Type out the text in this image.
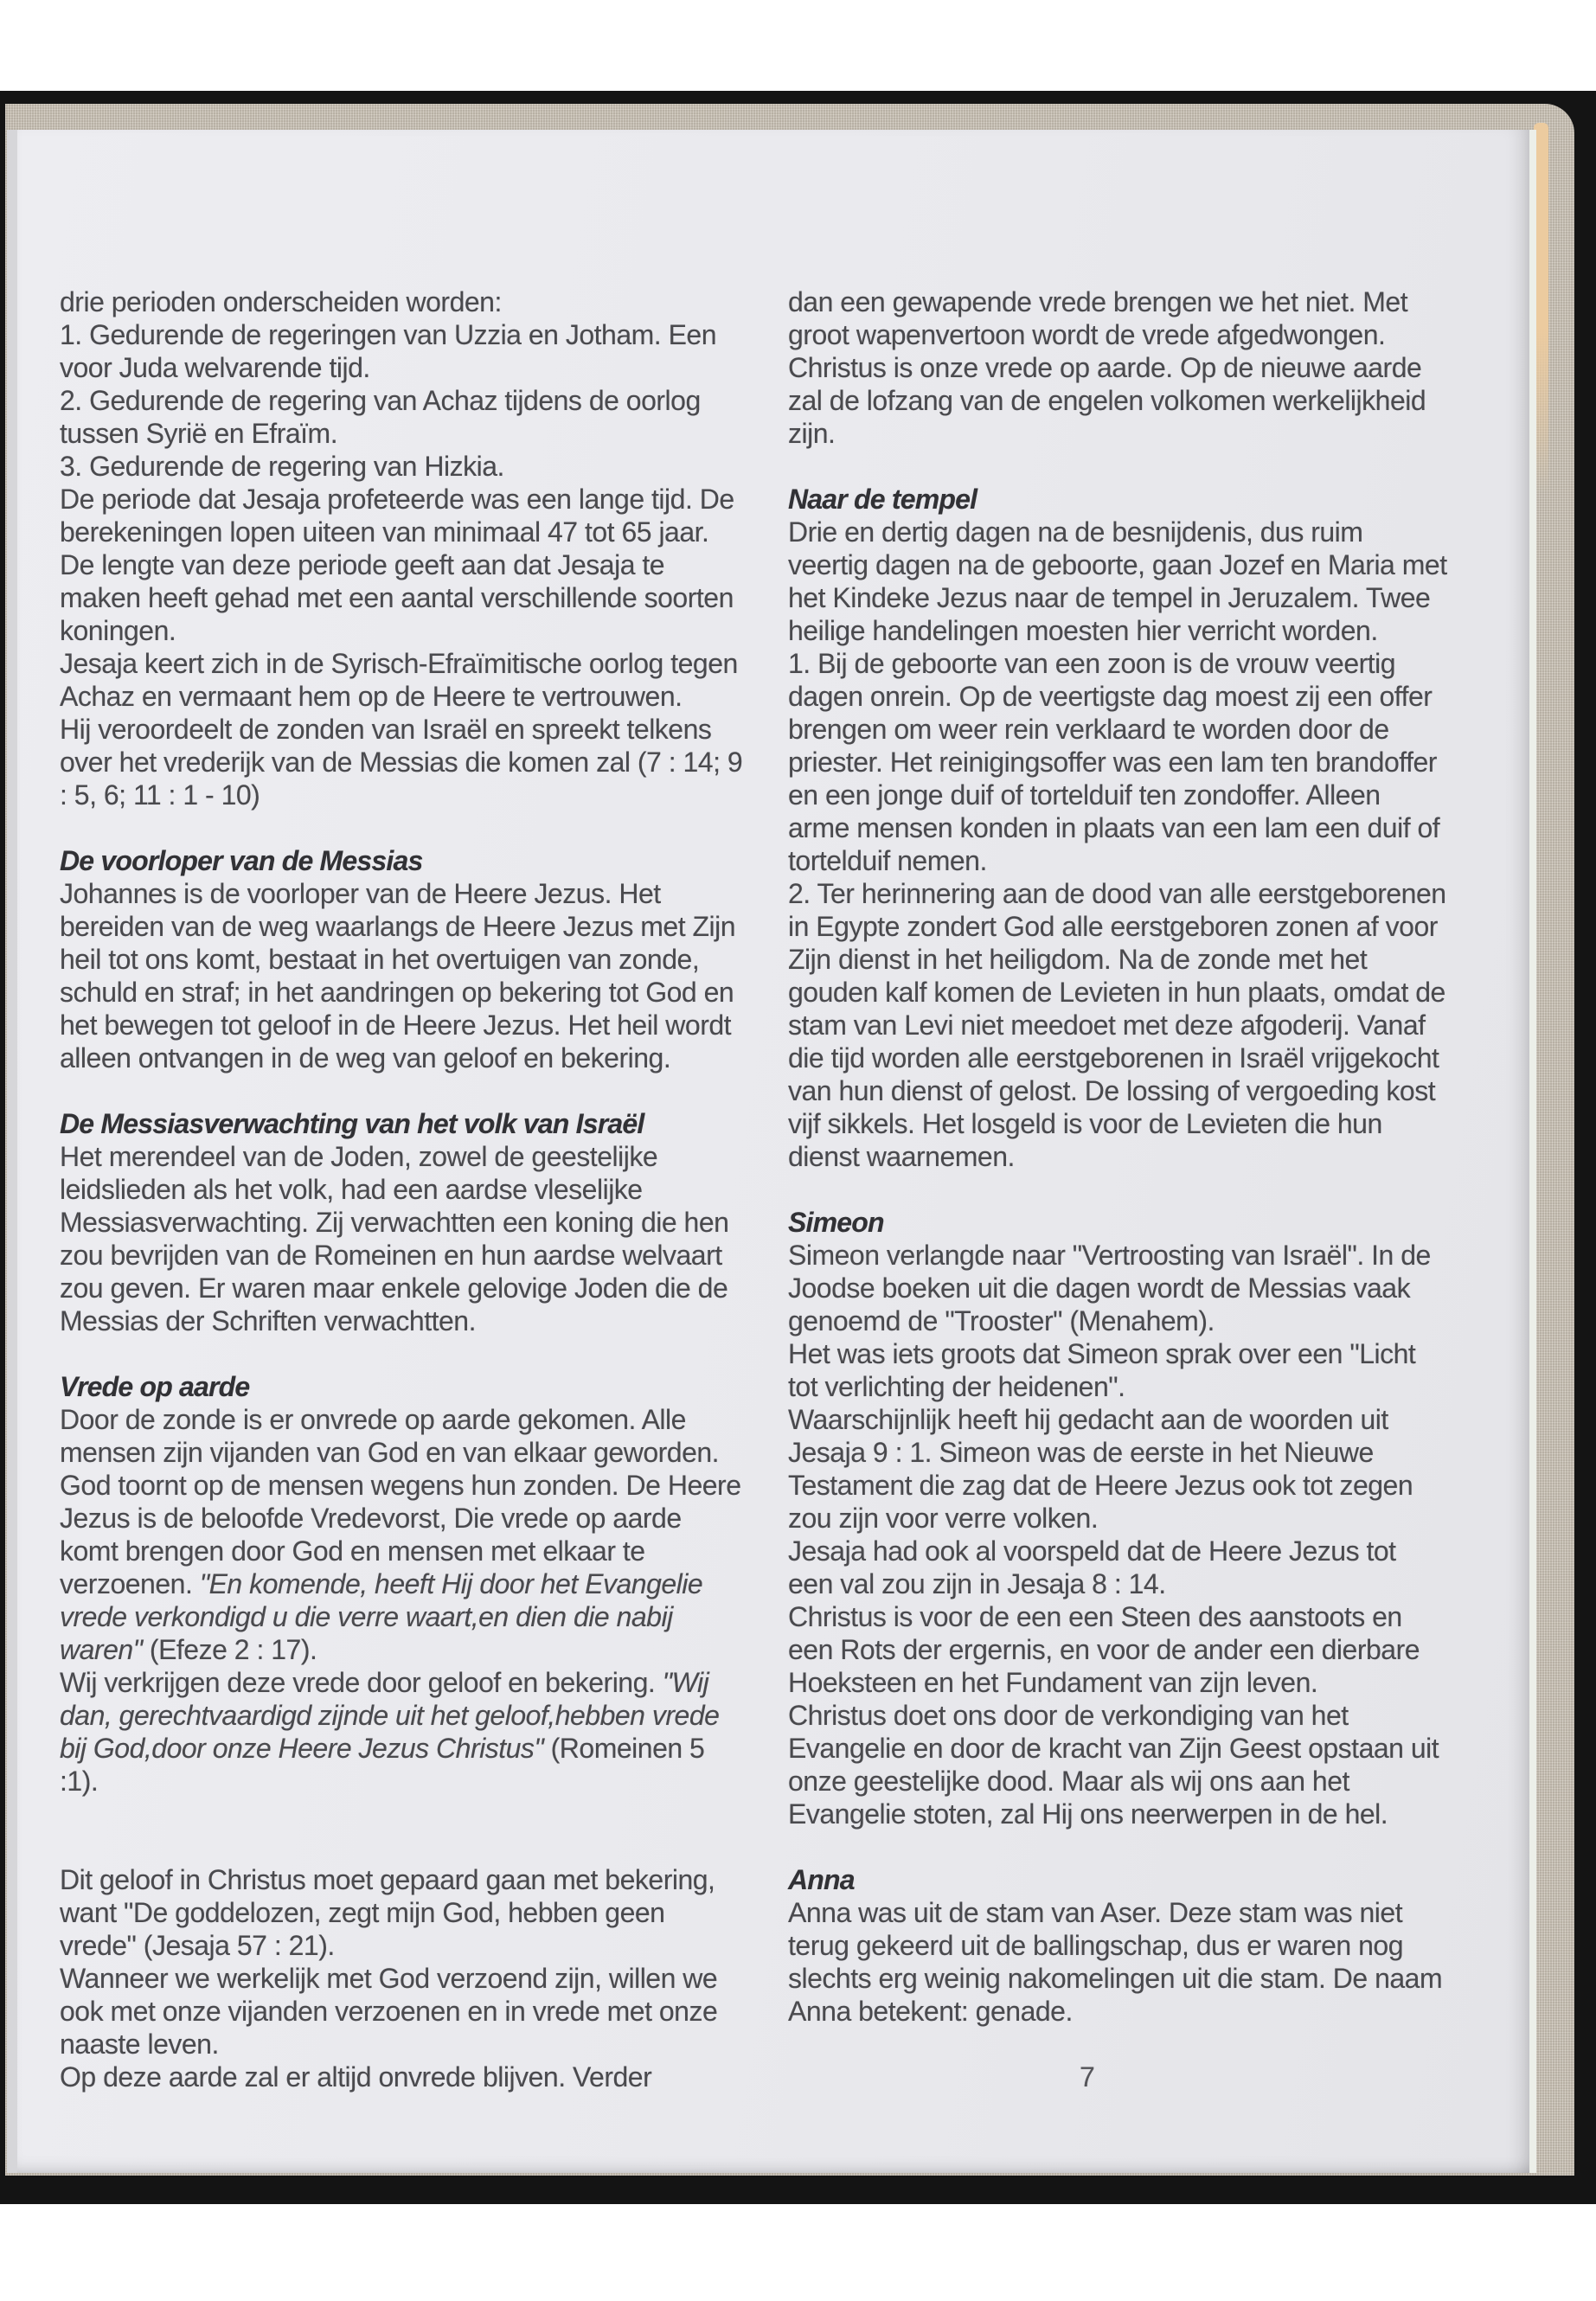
drie perioden onderscheiden worden:

1. Gedurende de regeringen van Uzzia en Jotham. Een voor Juda welvarende tijd.

2. Gedurende de regering van Achaz tijdens de oorlog tussen Syrië en Efraïm.

3. Gedurende de regering van Hizkia.

De periode dat Jesaja profeteerde was een lange tijd. De berekeningen lopen uiteen van minimaal 47 tot 65 jaar. De lengte van deze periode geeft aan dat Jesaja te maken heeft gehad met een aantal verschillende soorten koningen.

Jesaja keert zich in de Syrisch-Efraïmitische oorlog tegen Achaz en vermaant hem op de Heere te vertrouwen.

Hij veroordeelt de zonden van Israël en spreekt telkens over het vrederijk van de Messias die komen zal (7 : 14; 9 : 5, 6; 11 : 1 - 10)

De voorloper van de Messias

Johannes is de voorloper van de Heere Jezus. Het bereiden van de weg waarlangs de Heere Jezus met Zijn heil tot ons komt, bestaat in het overtuigen van zonde, schuld en straf; in het aandringen op bekering tot God en het bewegen tot geloof in de Heere Jezus. Het heil wordt alleen ontvangen in de weg van geloof en bekering.

De Messiasverwachting van het volk van Israël

Het merendeel van de Joden, zowel de geestelijke leidslieden als het volk, had een aardse vleselijke Messiasverwachting. Zij verwachtten een koning die hen zou bevrijden van de Romeinen en hun aardse welvaart zou geven. Er waren maar enkele gelovige Joden die de Messias der Schriften verwachtten.

Vrede op aarde

Door de zonde is er onvrede op aarde gekomen. Alle mensen zijn vijanden van God en van elkaar geworden. God toornt op de mensen wegens hun zonden. De Heere Jezus is de beloofde Vredevorst, Die vrede op aarde komt brengen door God en mensen met elkaar te verzoenen. "En komende, heeft Hij door het Evangelie vrede verkondigd u die verre waart,en dien die nabij waren" (Efeze 2 : 17).

Wij verkrijgen deze vrede door geloof en bekering. "Wij dan, gerechtvaardigd zijnde uit het geloof,hebben vrede bij God,door onze Heere Jezus Christus" (Romeinen 5 :1).

Dit geloof in Christus moet gepaard gaan met bekering, want "De goddelozen, zegt mijn God, hebben geen vrede" (Jesaja 57 : 21).

Wanneer we werkelijk met God verzoend zijn, willen we ook met onze vijanden verzoenen en in vrede met onze naaste leven.

Op deze aarde zal er altijd onvrede blijven. Verder

dan een gewapende vrede brengen we het niet. Met groot wapenvertoon wordt de vrede afgedwongen. Christus is onze vrede op aarde. Op de nieuwe aarde zal de lofzang van de engelen volkomen werkelijkheid zijn.

Naar de tempel

Drie en dertig dagen na de besnijdenis, dus ruim veertig dagen na de geboorte, gaan Jozef en Maria met het Kindeke Jezus naar de tempel in Jeruzalem. Twee heilige handelingen moesten hier verricht worden.

1. Bij de geboorte van een zoon is de vrouw veertig dagen onrein. Op de veertigste dag moest zij een offer brengen om weer rein verklaard te worden door de priester. Het reinigingsoffer was een lam ten brandoffer en een jonge duif of tortelduif ten zondoffer. Alleen arme mensen konden in plaats van een lam een duif of tortelduif nemen.

2. Ter herinnering aan de dood van alle eerstgeborenen in Egypte zondert God alle eerstgeboren zonen af voor Zijn dienst in het heiligdom. Na de zonde met het gouden kalf komen de Levieten in hun plaats, omdat de stam van Levi niet meedoet met deze afgoderij. Vanaf die tijd worden alle eerstgeborenen in Israël vrijgekocht van hun dienst of gelost. De lossing of vergoeding kost vijf sikkels. Het losgeld is voor de Levieten die hun dienst waarnemen.

Simeon

Simeon verlangde naar "Vertroosting van Israël". In de Joodse boeken uit die dagen wordt de Messias vaak genoemd de "Trooster" (Menahem).

Het was iets groots dat Simeon sprak over een "Licht tot verlichting der heidenen".

Waarschijnlijk heeft hij gedacht aan de woorden uit Jesaja 9 : 1. Simeon was de eerste in het Nieuwe Testament die zag dat de Heere Jezus ook tot zegen zou zijn voor verre volken.

Jesaja had ook al voorspeld dat de Heere Jezus tot een val zou zijn in Jesaja 8 : 14.

Christus is voor de een een Steen des aanstoots en een Rots der ergernis, en voor de ander een dierbare Hoeksteen en het Fundament van zijn leven.

Christus doet ons door de verkondiging van het Evangelie en door de kracht van Zijn Geest opstaan uit onze geestelijke dood. Maar als wij ons aan het Evangelie stoten, zal Hij ons neerwerpen in de hel.

Anna

Anna was uit de stam van Aser. Deze stam was niet terug gekeerd uit de ballingschap, dus er waren nog slechts erg weinig nakomelingen uit die stam. De naam Anna betekent: genade.

7
